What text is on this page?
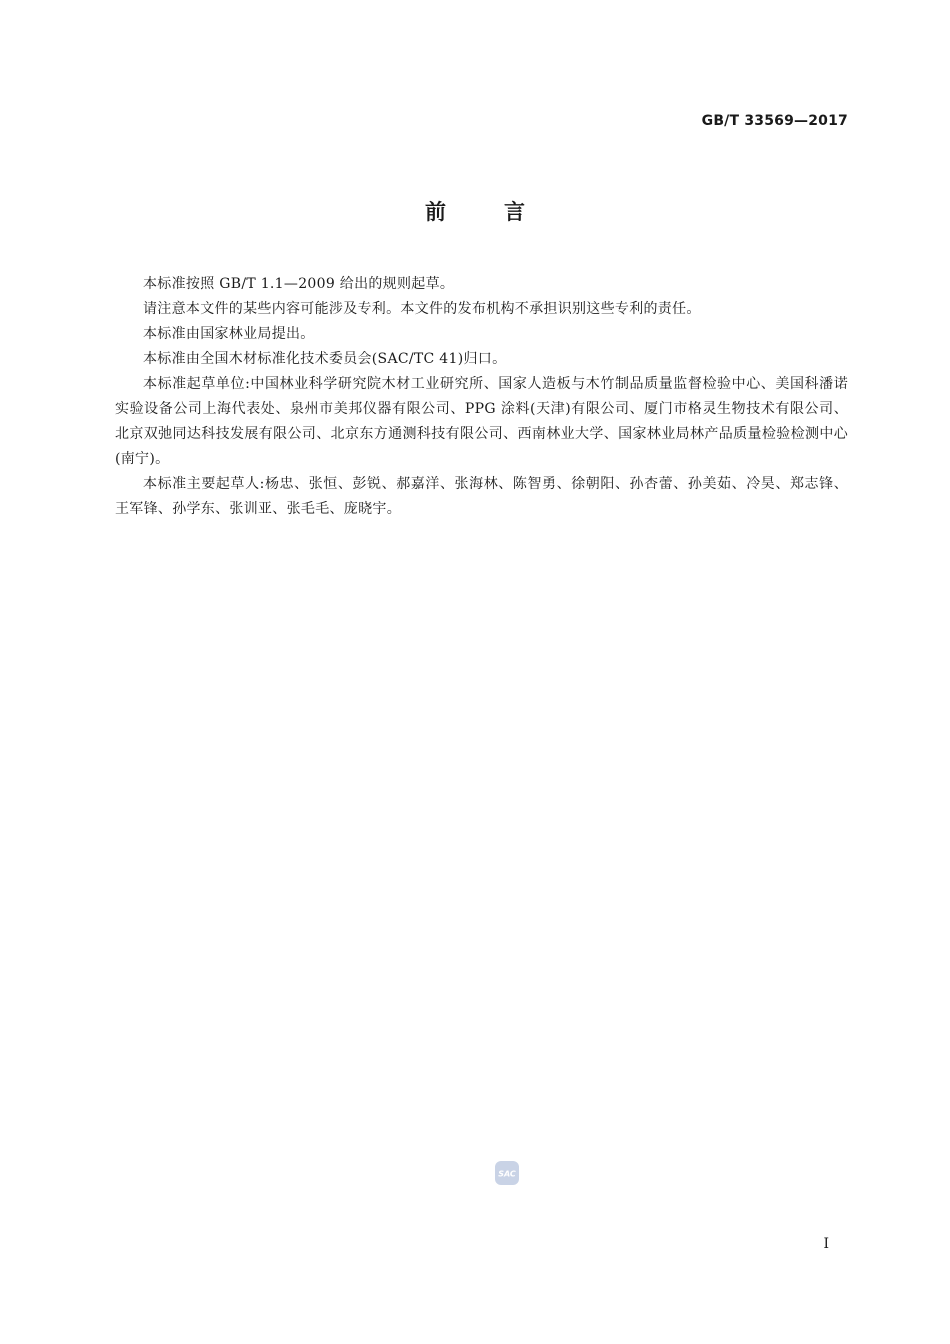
GB/T 33569—2017
前言

本标准按照 GB/T 1.1—2009 给出的规则起草。

请注意本文件的某些内容可能涉及专利。本文件的发布机构不承担识别这些专利的责任。

本标准由国家林业局提出。

本标准由全国木材标准化技术委员会(SAC/TC 41)归口。

本标准起草单位:中国林业科学研究院木材工业研究所、国家人造板与木竹制品质量监督检验中心、美国科潘诺实验设备公司上海代表处、泉州市美邦仪器有限公司、PPG 涂料(天津)有限公司、厦门市格灵生物技术有限公司、北京双弛同达科技发展有限公司、北京东方通测科技有限公司、西南林业大学、国家林业局林产品质量检验检测中心(南宁)。

本标准主要起草人:杨忠、张恒、彭锐、郝嘉洋、张海林、陈智勇、徐朝阳、孙杏蕾、孙美茹、冷昊、郑志锋、王军锋、孙学东、张训亚、张毛毛、庞晓宇。

SAC
I
